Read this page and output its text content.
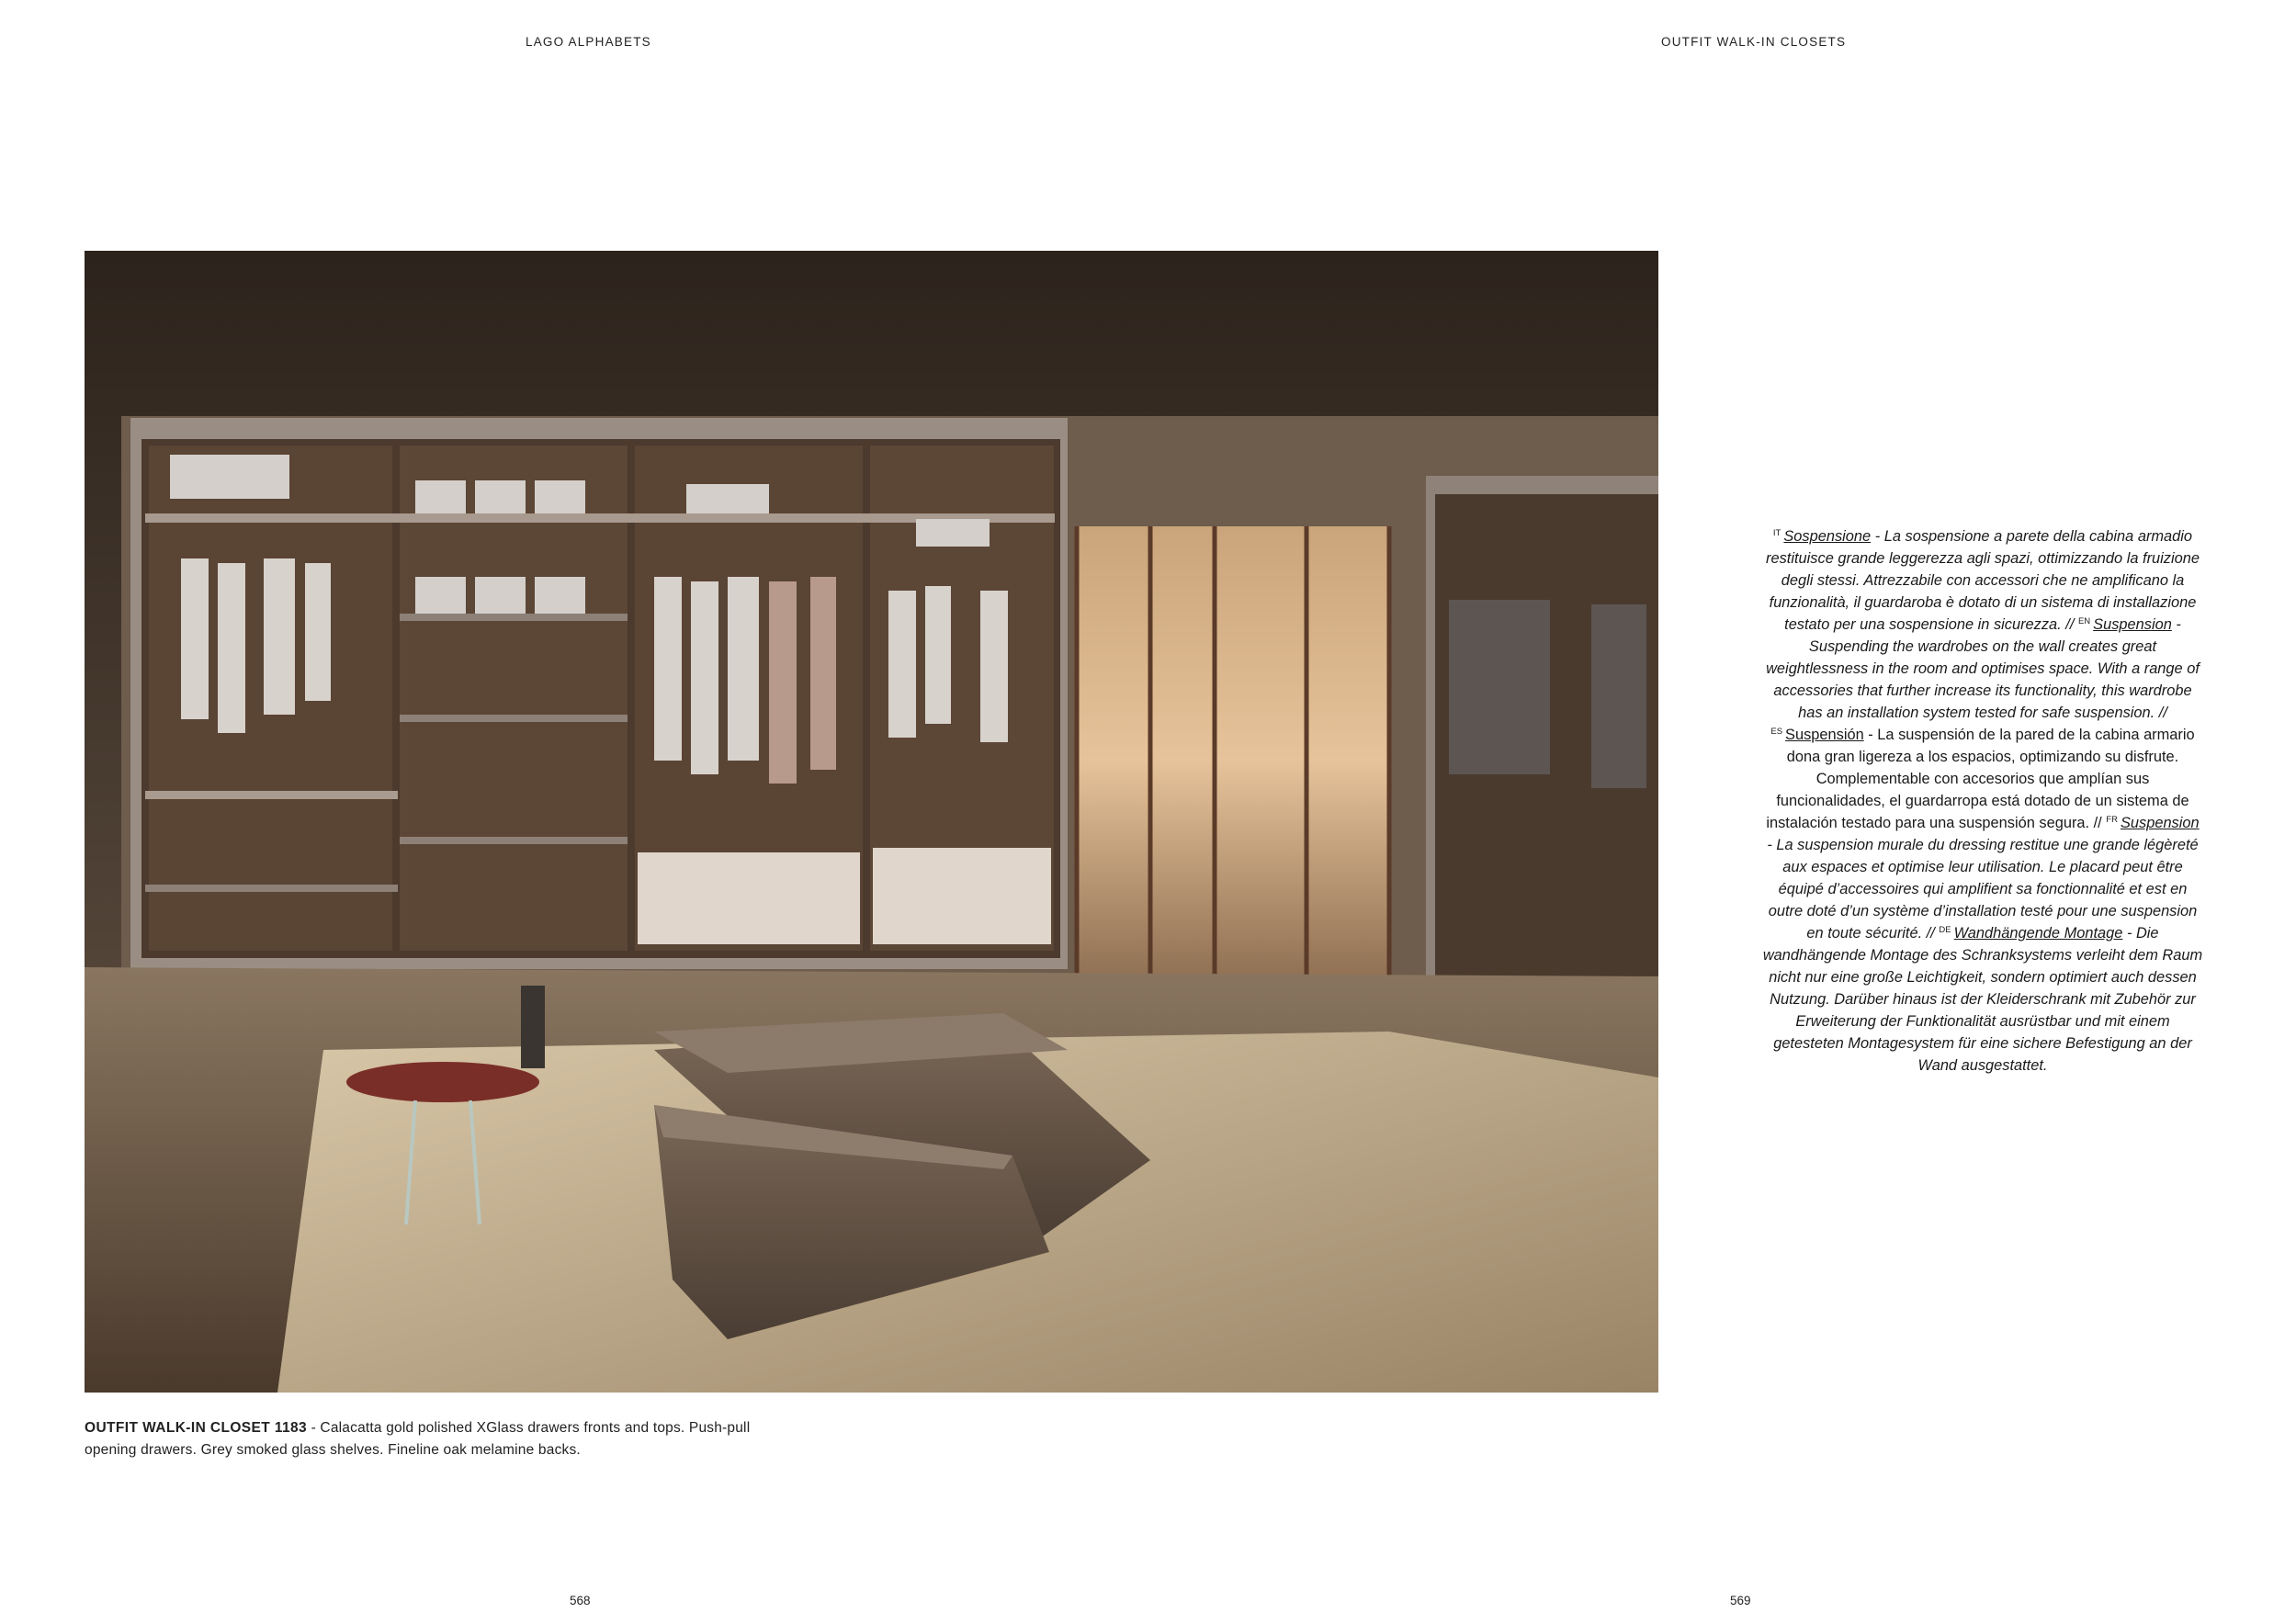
LAGO ALPHABETS	OUTFIT WALK-IN CLOSETS
OUTFIT WALK-IN CLOSET 1183 - Calacatta gold polished XGlass drawers fronts and tops. Push-pull opening drawers. Grey smoked glass shelves. Fineline oak melamine backs.
$^{IT}$ Sospensione - La sospensione a parete della cabina armadio restituisce grande leggerezza agli spazi, ottimizzando la fruizione degli stessi. Attrezzabile con accessori che ne amplificano la funzionalità, il guardaroba è dotato di un sistema di installazione testato per una sospensione in sicurezza. // $^{EN}$ Suspension - Suspending the wardrobes on the wall creates great weightlessness in the room and optimises space. With a range of accessories that further increase its functionality, this wardrobe has an installation system tested for safe suspension. // $^{ES}$ Suspensión - La suspensión de la pared de la cabina armario dona gran ligereza a los espacios, optimizando su disfrute. Complementable con accesorios que amplían sus funcionalidades, el guardarropa está dotado de un sistema de instalación testado para una suspensión segura. // $^{FR}$ Suspension - La suspension murale du dressing restitue une grande légèreté aux espaces et optimise leur utilisation. Le placard peut être équipé d’accessoires qui amplifient sa fonctionnalité et est en outre doté d’un système d’installation testé pour une suspension en toute sécurité. // $^{DE}$ Wandhängende Montage - Die wandhängende Montage des Schranksystems verleiht dem Raum nicht nur eine große Leichtigkeit, sondern optimiert auch dessen Nutzung. Darüber hinaus ist der Kleiderschrank mit Zubehör zur Erweiterung der Funktionalität ausrüstbar und mit einem getesteten Montagesystem für eine sichere Befestigung an der Wand ausgestattet.
568	569
